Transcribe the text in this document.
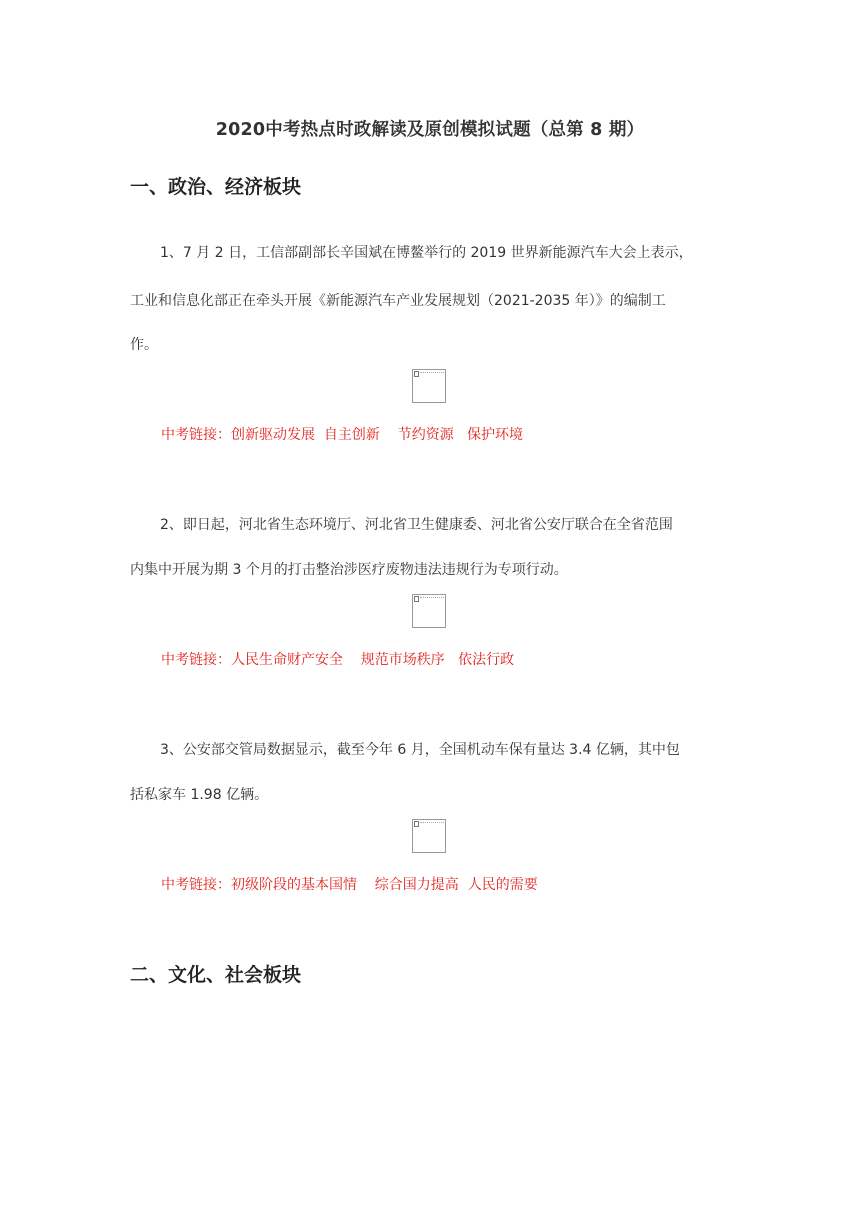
2020中考热点时政解读及原创模拟试题（总第 8 期）
一、政治、经济板块
1、7 月 2 日，工信部副部长辛国斌在博鳌举行的 2019 世界新能源汽车大会上表示，
工业和信息化部正在牵头开展《新能源汽车产业发展规划（2021-2035 年）》的编制工
作。
中考链接：创新驱动发展  自主创新    节约资源   保护环境
2、即日起，河北省生态环境厅、河北省卫生健康委、河北省公安厅联合在全省范围
内集中开展为期 3 个月的打击整治涉医疗废物违法违规行为专项行动。
中考链接：人民生命财产安全    规范市场秩序   依法行政
3、公安部交管局数据显示，截至今年 6 月，全国机动车保有量达 3.4 亿辆，其中包
括私家车 1.98 亿辆。
中考链接：初级阶段的基本国情    综合国力提高  人民的需要
二、文化、社会板块
